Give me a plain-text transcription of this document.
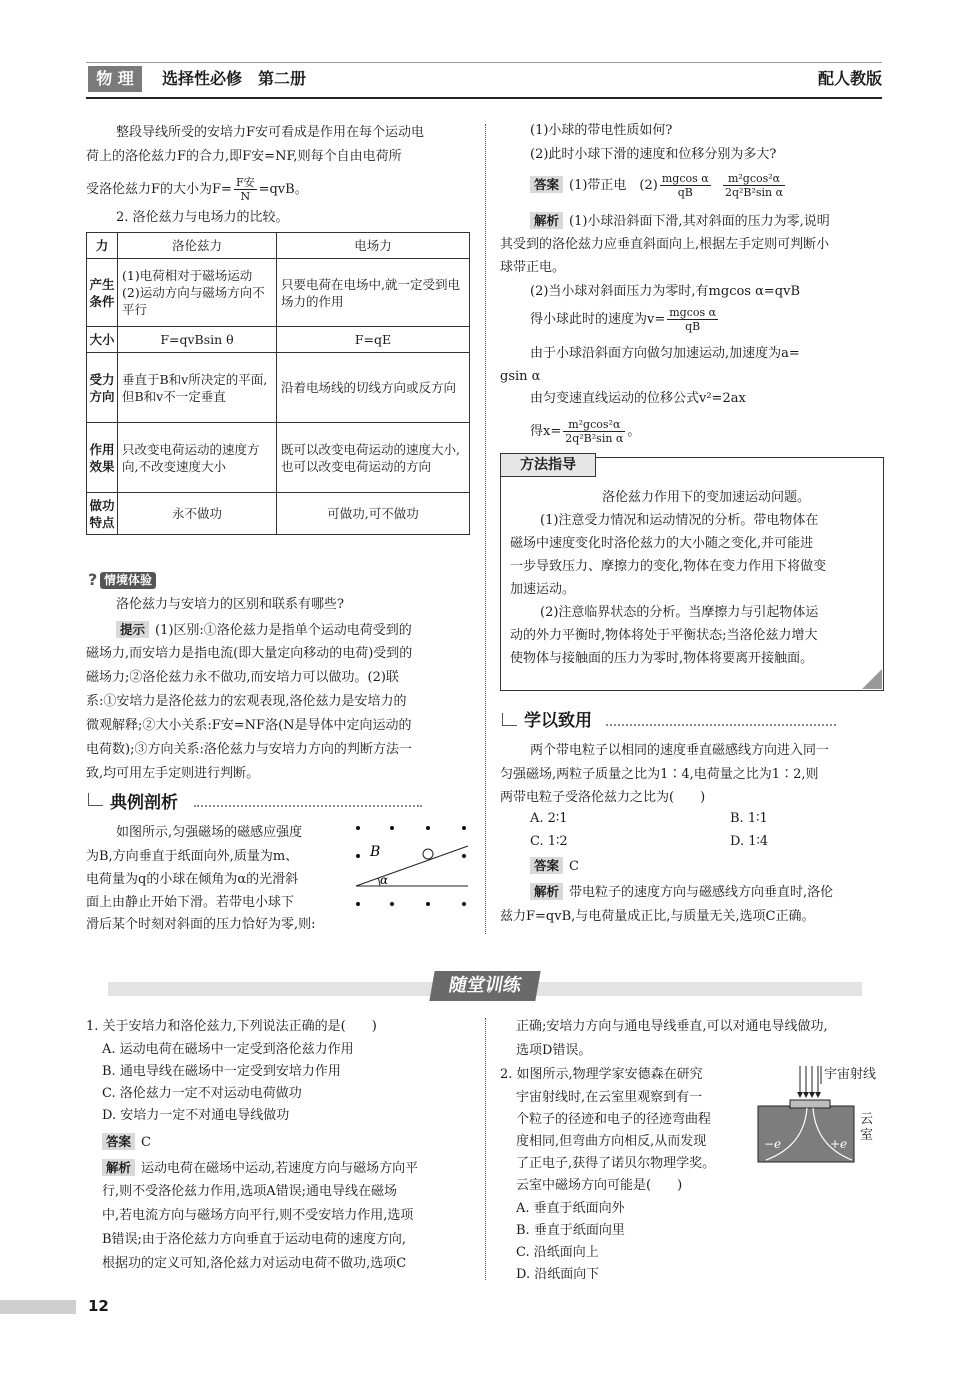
物 理	选择性必修　第二册	配人教版
整段导线所受的安培力F安可看成是作用在每个运动电
荷上的洛伦兹力F的合力,即F安=NF,则每个自由电荷所
受洛伦兹力F的大小为$F= \frac{\text{F安}}{N} =qvB$。
2. 洛伦兹力与电场力的比较。
力	洛伦兹力	电场力
产生条件	(1)电荷相对于磁场运动 (2)运动方向与磁场方向不平行	只要电荷在电场中,就一定受到电场力的作用
大小	F=qvBsin θ	F=qE
受力方向	垂直于B和v所决定的平面,但B和v不一定垂直	沿着电场线的切线方向或反方向
作用效果	只改变电荷运动的速度方向,不改变速度大小	既可以改变电荷运动的速度大小,也可以改变电荷运动的方向
做功特点	永不做功	可做功,可不做功
? 情境体验
洛伦兹力与安培力的区别和联系有哪些?
提示 (1)区别:①洛伦兹力是指单个运动电荷受到的
磁场力,而安培力是指电流(即大量定向移动的电荷)受到的
磁场力;②洛伦兹力永不做功,而安培力可以做功。(2)联
系:①安培力是洛伦兹力的宏观表现,洛伦兹力是安培力的
微观解释;②大小关系:F安=NF洛(N是导体中定向运动的
电荷数);③方向关系:洛伦兹力与安培力方向的判断方法一
致,均可用左手定则进行判断。
典例剖析
如图所示,匀强磁场的磁感应强度
为B,方向垂直于纸面向外,质量为m、
电荷量为q的小球在倾角为α的光滑斜
面上由静止开始下滑。若带电小球下
滑后某个时刻对斜面的压力恰好为零,则:
B
α
(1)小球的带电性质如何?
(2)此时小球下滑的速度和位移分别为多大?
答案 (1)带正电　$(2) \frac{\text{mgcos α}}{qB}$
$\frac{\text{m²gcos²α}}{\text{2q²B²sin α}}$
解析 (1)小球沿斜面下滑,其对斜面的压力为零,说明
其受到的洛伦兹力应垂直斜面向上,根据左手定则可判断小
球带正电。
(2)当小球对斜面压力为零时,有mgcos α=qvB
得小球此时的速度为$v= \frac{\text{mgcos α}}{qB}$
由于小球沿斜面方向做匀加速运动,加速度为a=
gsin α
由匀变速直线运动的位移公式v²=2ax
得$x= \frac{\text{m²gcos²α}}{\text{2q²B²sin α}}$ 。
方法指导
洛伦兹力作用下的变加速运动问题。
(1)注意受力情况和运动情况的分析。带电物体在
磁场中速度变化时洛伦兹力的大小随之变化,并可能进
一步导致压力、摩擦力的变化,物体在变力作用下将做变
加速运动。
(2)注意临界状态的分析。当摩擦力与引起物体运
动的外力平衡时,物体将处于平衡状态;当洛伦兹力增大
使物体与接触面的压力为零时,物体将要离开接触面。
学以致用
两个带电粒子以相同的速度垂直磁感线方向进入同一
匀强磁场,两粒子质量之比为1∶4,电荷量之比为1∶2,则
两带电粒子受洛伦兹力之比为(　　)
A. 2∶1	B. 1∶1
C. 1∶2	D. 1∶4
答案 C
解析 带电粒子的速度方向与磁感线方向垂直时,洛伦
兹力F=qvB,与电荷量成正比,与质量无关,选项C正确。
随堂训练
1. 关于安培力和洛伦兹力,下列说法正确的是(　　)
A. 运动电荷在磁场中一定受到洛伦兹力作用
B. 通电导线在磁场中一定受到安培力作用
C. 洛伦兹力一定不对运动电荷做功
D. 安培力一定不对通电导线做功
答案 C
解析 运动电荷在磁场中运动,若速度方向与磁场方向平
行,则不受洛伦兹力作用,选项A错误;通电导线在磁场
中,若电流方向与磁场方向平行,则不受安培力作用,选项
B错误;由于洛伦兹力方向垂直于运动电荷的速度方向,
根据功的定义可知,洛伦兹力对运动电荷不做功,选项C
正确;安培力方向与通电导线垂直,可以对通电导线做功,
选项D错误。
2. 如图所示,物理学家安德森在研究
宇宙射线时,在云室里观察到有一
个粒子的径迹和电子的径迹弯曲程
度相同,但弯曲方向相反,从而发现
了正电子,获得了诺贝尔物理学奖。
云室中磁场方向可能是(　　)
A. 垂直于纸面向外
B. 垂直于纸面向里
C. 沿纸面向上
D. 沿纸面向下
−e	+e
宇宙射线
云室
12
